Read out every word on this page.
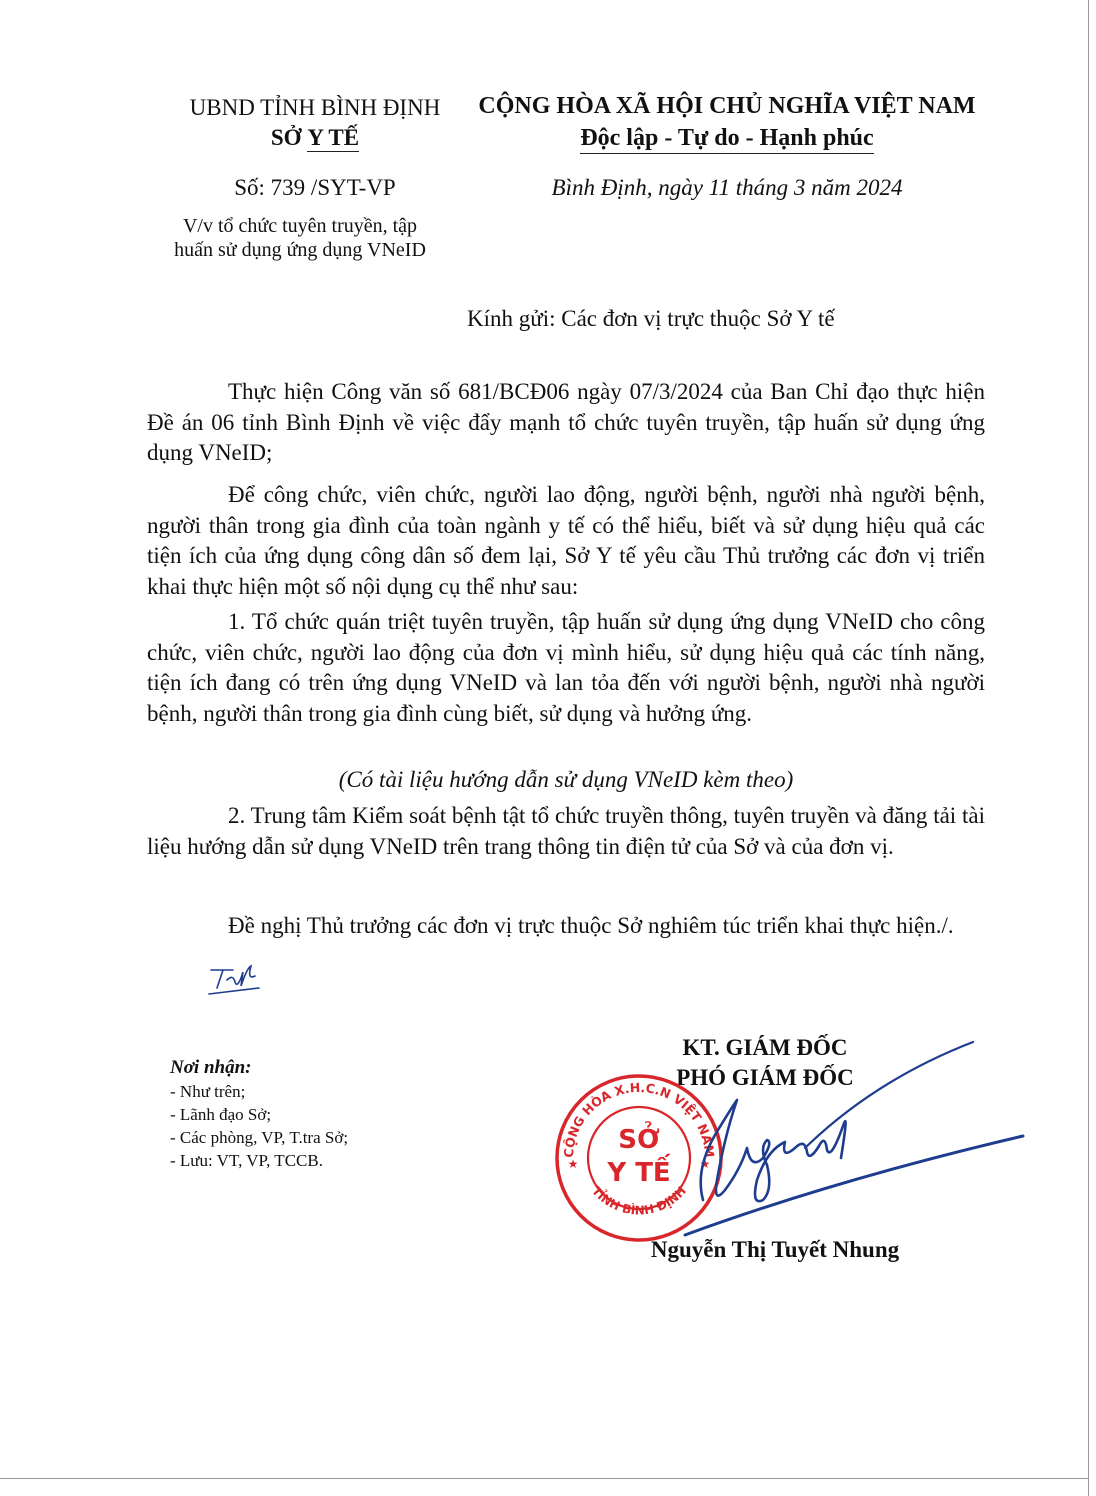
UBND TỈNH BÌNH ĐỊNH
SỞ Y TẾ
CỘNG HÒA XÃ HỘI CHỦ NGHĨA VIỆT NAM
Độc lập - Tự do - Hạnh phúc
Số: 739 /SYT-VP	Bình Định, ngày 11 tháng 3 năm 2024
V/v tổ chức tuyên truyền, tập
huấn sử dụng ứng dụng VNeID
Kính gửi: Các đơn vị trực thuộc Sở Y tế

Thực hiện Công văn số 681/BCĐ06 ngày 07/3/2024 của Ban Chỉ đạo thực hiện Đề án 06 tỉnh Bình Định về việc đẩy mạnh tổ chức tuyên truyền, tập huấn sử dụng ứng dụng VNeID;

Để công chức, viên chức, người lao động, người bệnh, người nhà người bệnh, người thân trong gia đình của toàn ngành y tế có thể hiểu, biết và sử dụng hiệu quả các tiện ích của ứng dụng công dân số đem lại, Sở Y tế yêu cầu Thủ trưởng các đơn vị triển khai thực hiện một số nội dụng cụ thể như sau:

1. Tổ chức quán triệt tuyên truyền, tập huấn sử dụng ứng dụng VNeID cho công chức, viên chức, người lao động của đơn vị mình hiểu, sử dụng hiệu quả các tính năng, tiện ích đang có trên ứng dụng VNeID và lan tỏa đến với người bệnh, người nhà người bệnh, người thân trong gia đình cùng biết, sử dụng và hưởng ứng.

(Có tài liệu hướng dẫn sử dụng VNeID kèm theo)

2. Trung tâm Kiểm soát bệnh tật tổ chức truyền thông, tuyên truyền và đăng tải tài liệu hướng dẫn sử dụng VNeID trên trang thông tin điện tử của Sở và của đơn vị.

Đề nghị Thủ trưởng các đơn vị trực thuộc Sở nghiêm túc triển khai thực hiện./.

Nơi nhận:
- Như trên;
- Lãnh đạo Sở;
- Các phòng, VP, T.tra Sở;
- Lưu: VT, VP, TCCB.
KT. GIÁM ĐỐC
PHÓ GIÁM ĐỐC
CỘNG HÒA X.H.C.N VIỆT NAM
TỈNH BÌNH ĐỊNH
★	★
SỞ
Y TẾ
Nguyễn Thị Tuyết Nhung
